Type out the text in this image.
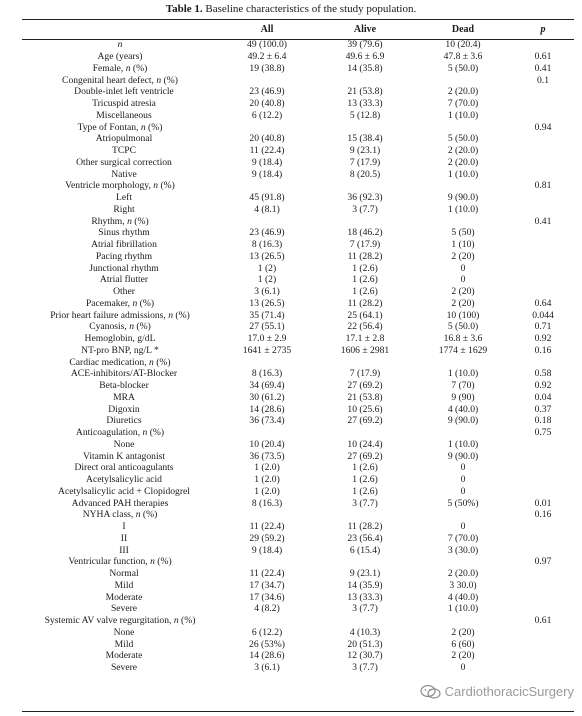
Table 1. Baseline characteristics of the study population.
	All	Alive	Dead	p
n	49 (100.0)	39 (79.6)	10 (20.4)	
Age (years)	49.2 ± 6.4	49.6 ± 6.9	47.8 ± 3.6	0.61
Female, n (%)	19 (38.8)	14 (35.8)	5 (50.0)	0.41
Congenital heart defect, n (%)				0.1
Double-inlet left ventricle	23 (46.9)	21 (53.8)	2 (20.0)	
Tricuspid atresia	20 (40.8)	13 (33.3)	7 (70.0)	
Miscellaneous	6 (12.2)	5 (12.8)	1 (10.0)	
Type of Fontan, n (%)				0.94
Atriopulmonal	20 (40.8)	15 (38.4)	5 (50.0)	
TCPC	11 (22.4)	9 (23.1)	2 (20.0)	
Other surgical correction	9 (18.4)	7 (17.9)	2 (20.0)	
Native	9 (18.4)	8 (20.5)	1 (10.0)	
Ventricle morphology, n (%)				0.81
Left	45 (91.8)	36 (92.3)	9 (90.0)	
Right	4 (8.1)	3 (7.7)	1 (10.0)	
Rhythm, n (%)				0.41
Sinus rhythm	23 (46.9)	18 (46.2)	5 (50)	
Atrial fibrillation	8 (16.3)	7 (17.9)	1 (10)	
Pacing rhythm	13 (26.5)	11 (28.2)	2 (20)	
Junctional rhythm	1 (2)	1 (2.6)	0	
Atrial flutter	1 (2)	1 (2.6)	0	
Other	3 (6.1)	1 (2.6)	2 (20)	
Pacemaker, n (%)	13 (26.5)	11 (28.2)	2 (20)	0.64
Prior heart failure admissions, n (%)	35 (71.4)	25 (64.1)	10 (100)	0.044
Cyanosis, n (%)	27 (55.1)	22 (56.4)	5 (50.0)	0.71
Hemoglobin, g/dL	17.0 ± 2.9	17.1 ± 2.8	16.8 ± 3.6	0.92
NT-pro BNP, ng/L *	1641 ± 2735	1606 ± 2981	1774 ± 1629	0.16
Cardiac medication, n (%)				
ACE-inhibitors/AT-Blocker	8 (16.3)	7 (17.9)	1 (10.0)	0.58
Beta-blocker	34 (69.4)	27 (69.2)	7 (70)	0.92
MRA	30 (61.2)	21 (53.8)	9 (90)	0.04
Digoxin	14 (28.6)	10 (25.6)	4 (40.0)	0.37
Diuretics	36 (73.4)	27 (69.2)	9 (90.0)	0.18
Anticoagulation, n (%)				0.75
None	10 (20.4)	10 (24.4)	1 (10.0)	
Vitamin K antagonist	36 (73.5)	27 (69.2)	9 (90.0)	
Direct oral anticoagulants	1 (2.0)	1 (2.6)	0	
Acetylsalicylic acid	1 (2.0)	1 (2.6)	0	
Acetylsalicylic acid + Clopidogrel	1 (2.0)	1 (2.6)	0	
Advanced PAH therapies	8 (16.3)	3 (7.7)	5 (50%)	0.01
NYHA class, n (%)				0.16
I	11 (22.4)	11 (28.2)	0	
II	29 (59.2)	23 (56.4)	7 (70.0)	
III	9 (18.4)	6 (15.4)	3 (30.0)	
Ventricular function, n (%)				0.97
Normal	11 (22.4)	9 (23.1)	2 (20.0)	
Mild	17 (34.7)	14 (35.9)	3 30.0)	
Moderate	17 (34.6)	13 (33.3)	4 (40.0)	
Severe	4 (8.2)	3 (7.7)	1 (10.0)	
Systemic AV valve regurgitation, n (%)				0.61
None	6 (12.2)	4 (10.3)	2 (20)	
Mild	26 (53%)	20 (51.3)	6 (60)	
Moderate	14 (28.6)	12 (30.7)	2 (20)	
Severe	3 (6.1)	3 (7.7)	0	
CardiothoracicSurgery
